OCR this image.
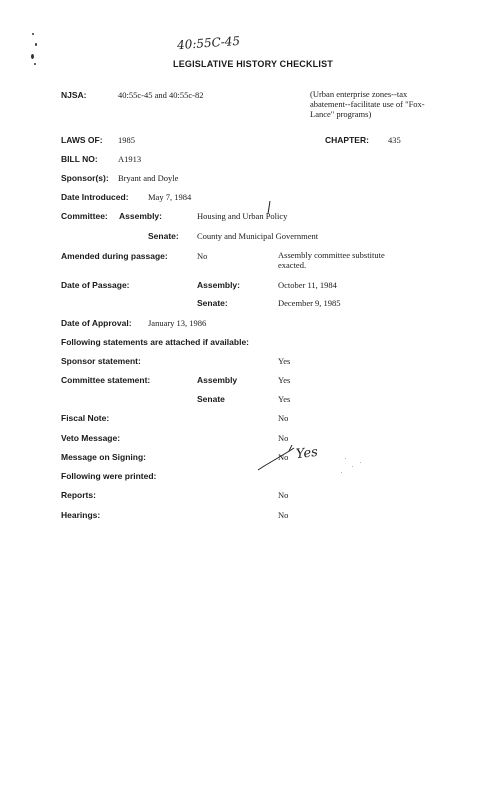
40:55C-45
LEGISLATIVE HISTORY CHECKLIST
NJSA:	40:55c-45 and 40:55c-82	(Urban enterprise zones--tax abatement--facilitate use of "Fox-Lance" programs)
LAWS OF: 1985	CHAPTER: 435
BILL NO: A1913
Sponsor(s): Bryant and Doyle
Date Introduced: May 7, 1984
Committee: Assembly:	Housing and Urban Policy
Senate: County and Municipal Government
Amended during passage:	No	Assembly committee substitute exacted.
Date of Passage:	Assembly:	October 11, 1984
Senate:	December 9, 1985
Date of Approval: January 13, 1986
Following statements are attached if available:
Sponsor statement:	Yes
Committee statement:	Assembly	Yes
Senate	Yes
Fiscal Note:	No
Veto Message:	No
Message on Signing:	No Yes
Following were printed:
Reports:	No
Hearings:	No
